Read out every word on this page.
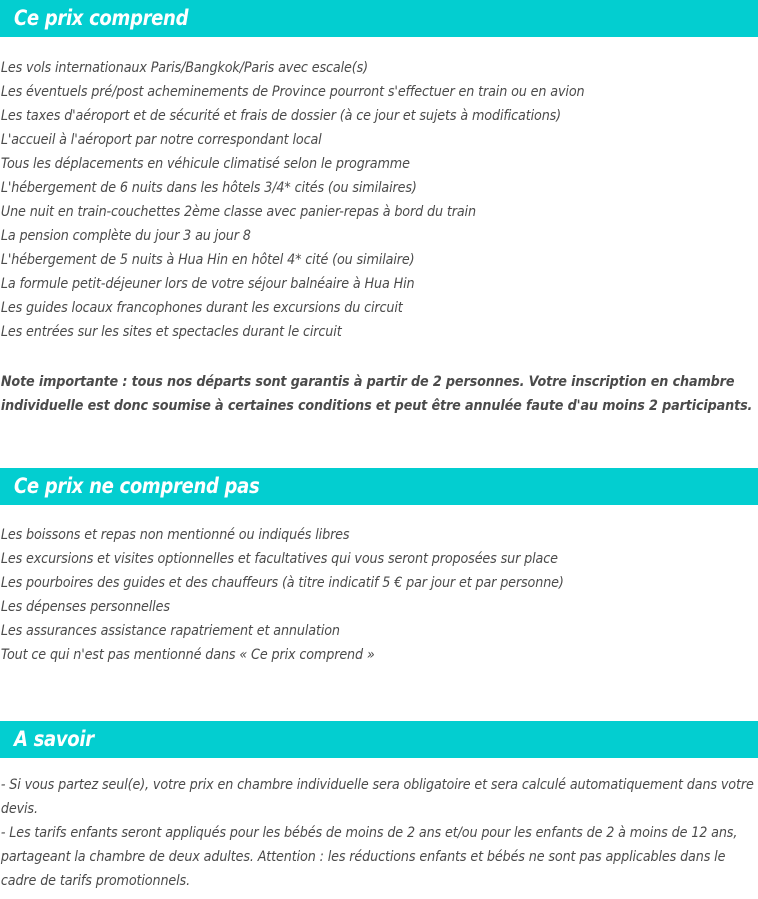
Ce prix comprend
Les vols internationaux Paris/Bangkok/Paris avec escale(s)
Les éventuels pré/post acheminements de Province pourront s'effectuer en train ou en avion
Les taxes d'aéroport et de sécurité et frais de dossier (à ce jour et sujets à modifications)
L'accueil à l'aéroport par notre correspondant local
Tous les déplacements en véhicule climatisé selon le programme
L'hébergement de 6 nuits dans les hôtels 3/4* cités (ou similaires)
Une nuit en train-couchettes 2ème classe avec panier-repas à bord du train
La pension complète du jour 3 au jour 8
L'hébergement de 5 nuits à Hua Hin en hôtel 4* cité (ou similaire)
La formule petit-déjeuner lors de votre séjour balnéaire à Hua Hin
Les guides locaux francophones durant les excursions du circuit
Les entrées sur les sites et spectacles durant le circuit
Note importante : tous nos départs sont garantis à partir de 2 personnes. Votre inscription en chambre individuelle est donc soumise à certaines conditions et peut être annulée faute d'au moins 2 participants.
Ce prix ne comprend pas
Les boissons et repas non mentionné ou indiqués libres
Les excursions et visites optionnelles et facultatives qui vous seront proposées sur place
Les pourboires des guides et des chauffeurs (à titre indicatif 5 € par jour et par personne)
Les dépenses personnelles
Les assurances assistance rapatriement et annulation
Tout ce qui n'est pas mentionné dans « Ce prix comprend »
A savoir
- Si vous partez seul(e), votre prix en chambre individuelle sera obligatoire et sera calculé automatiquement dans votre devis.
- Les tarifs enfants seront appliqués pour les bébés de moins de 2 ans et/ou pour les enfants de 2 à moins de 12 ans, partageant la chambre de deux adultes. Attention : les réductions enfants et bébés ne sont pas applicables dans le cadre de tarifs promotionnels.
